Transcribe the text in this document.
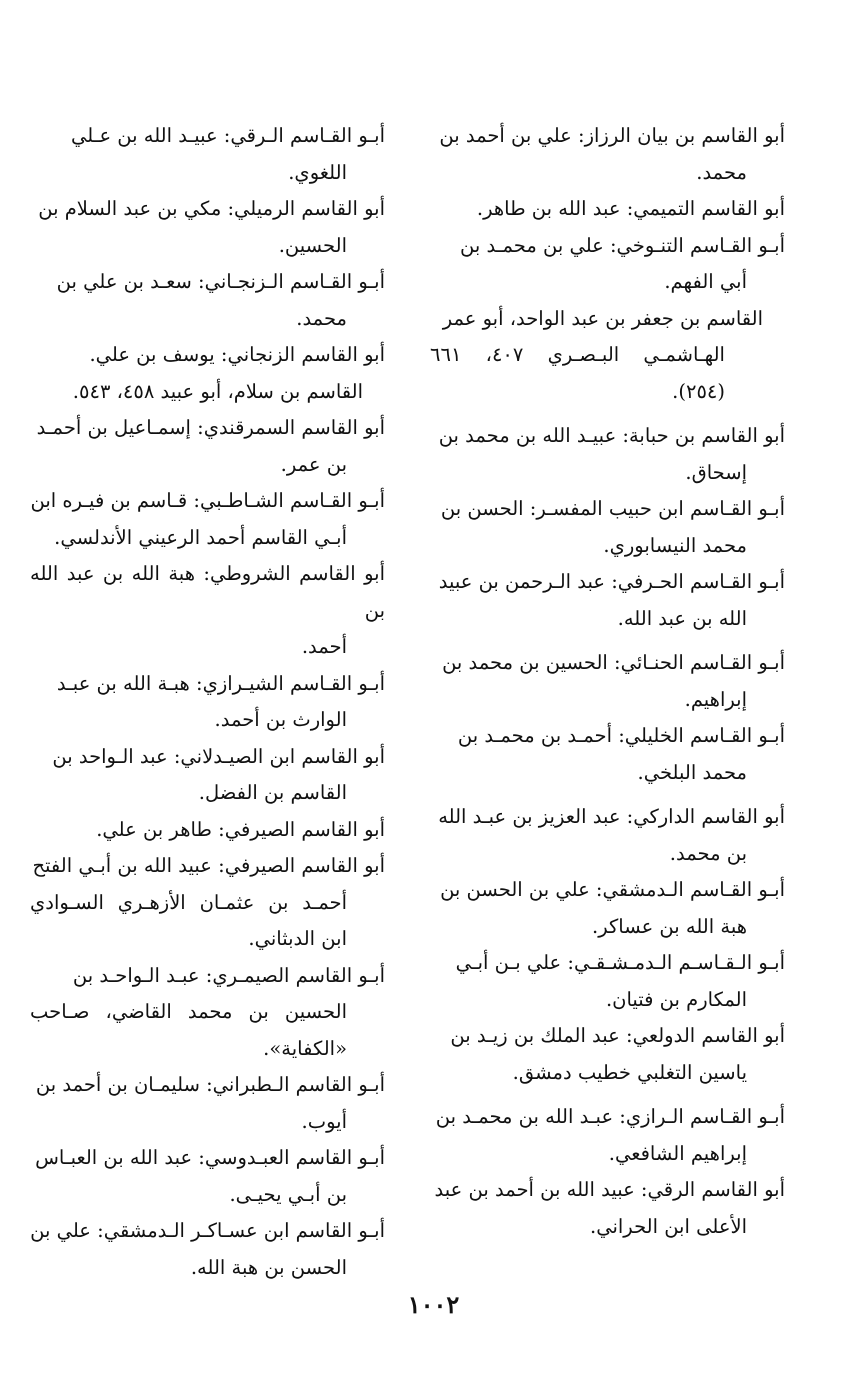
أبو القاسم بن بيان الرزاز: علي بن أحمد بن
محمد.

أبو القاسم التميمي: عبد الله بن طاهر.

أبـو القـاسم التنـوخي: علي بن محمـد بن
أبي الفهم.

القاسم بن جعفر بن عبد الواحد، أبو عمر
الهـاشمـي البـصـري ٤٠٧، ٦٦١ (٢٥٤).

أبو القاسم بن حبابة: عبيـد الله بن محمد بن
إسحاق.

أبـو القـاسم ابن حبيب المفسـر: الحسن بن
محمد النيسابوري.

أبـو القـاسم الحـرفي: عبد الـرحمن بن عبيد
الله بن عبد الله.

أبـو القـاسم الحنـائي: الحسين بن محمد بن
إبراهيم.

أبـو القـاسم الخليلي: أحمـد بن محمـد بن
محمد البلخي.

أبو القاسم الداركي: عبد العزيز بن عبـد الله
بن محمد.

أبـو القـاسم الـدمشقي: علي بن الحسن بن
هبة الله بن عساكر.

أبـو الـقـاسـم الـدمـشـقـي: علي بـن أبـي
المكارم بن فتيان.

أبو القاسم الدولعي: عبد الملك بن زيـد بن
ياسين التغلبي خطيب دمشق.

أبـو القـاسم الـرازي: عبـد الله بن محمـد بن
إبراهيم الشافعي.

أبو القاسم الرقي: عبيد الله بن أحمد بن عبد
الأعلى ابن الحراني.

أبـو القـاسم الـرقي: عبيـد الله بن عـلي
اللغوي.

أبو القاسم الرميلي: مكي بن عبد السلام بن
الحسين.

أبـو القـاسم الـزنجـاني: سعـد بن علي بن
محمد.

أبو القاسم الزنجاني: يوسف بن علي.

القاسم بن سلام، أبو عبيد ٤٥٨، ٥٤٣.

أبو القاسم السمرقندي: إسمـاعيل بن أحمـد
بن عمر.

أبـو القـاسم الشـاطـبي: قـاسم بن فيـره ابن
أبـي القاسم أحمد الرعيني الأندلسي.

أبو القاسم الشروطي: هبة الله بن عبد الله بن
أحمد.

أبـو القـاسم الشيـرازي: هبـة الله بن عبـد
الوارث بن أحمد.

أبو القاسم ابن الصيـدلاني: عبد الـواحد بن
القاسم بن الفضل.

أبو القاسم الصيرفي: طاهر بن علي.

أبو القاسم الصيرفي: عبيد الله بن أبـي الفتح
أحمـد بن عثمـان الأزهـري السـوادي ابن الدبثاني.

أبـو القاسم الصيمـري: عبـد الـواحـد بن
الحسين بن محمد القاضي، صـاحب «الكفاية».

أبـو القاسم الـطبراني: سليمـان بن أحمد بن
أيوب.

أبـو القاسم العبـدوسي: عبد الله بن العبـاس
بن أبـي يحيـى.

أبـو القاسم ابن عسـاكـر الـدمشقي: علي بن
الحسن بن هبة الله.

١٠٠٢
